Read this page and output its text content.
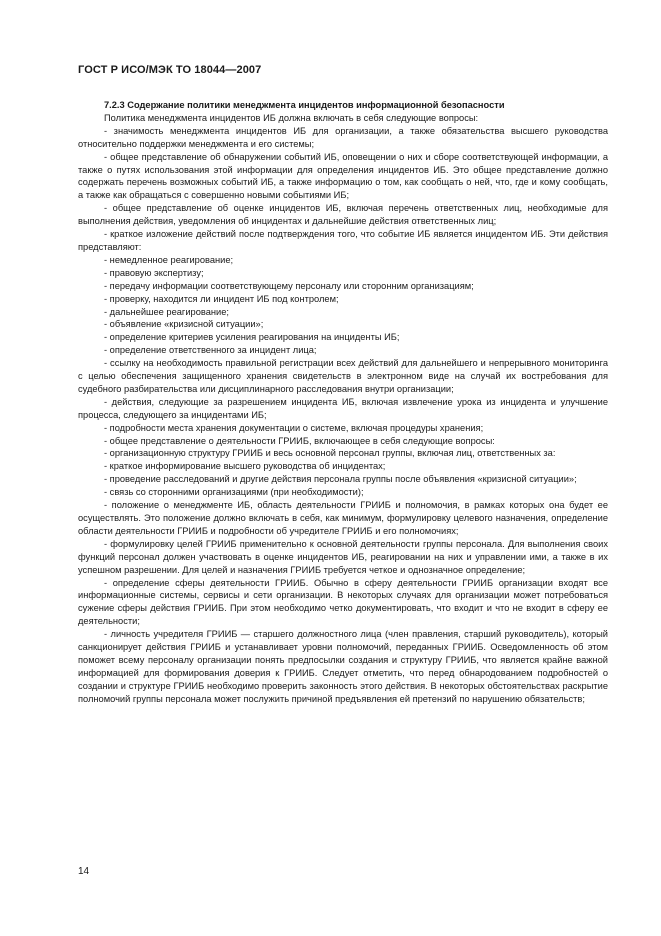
ГОСТ Р ИСО/МЭК ТО 18044—2007
7.2.3 Содержание политики менеджмента инцидентов информационной безопасности

Политика менеджмента инцидентов ИБ должна включать в себя следующие вопросы:

- значимость менеджмента инцидентов ИБ для организации, а также обязательства высшего руководства относительно поддержки менеджмента и его системы;

- общее представление об обнаружении событий ИБ, оповещении о них и сборе соответствующей информации, а также о путях использования этой информации для определения инцидентов ИБ. Это общее представление должно содержать перечень возможных событий ИБ, а также информацию о том, как сообщать о ней, что, где и кому сообщать, а также как обращаться с совершенно новыми событиями ИБ;

- общее представление об оценке инцидентов ИБ, включая перечень ответственных лиц, необходимые для выполнения действия, уведомления об инцидентах и дальнейшие действия ответственных лиц;

- краткое изложение действий после подтверждения того, что событие ИБ является инцидентом ИБ. Эти действия представляют:

- немедленное реагирование;

- правовую экспертизу;

- передачу информации соответствующему персоналу или сторонним организациям;

- проверку, находится ли инцидент ИБ под контролем;

- дальнейшее реагирование;

- объявление «кризисной ситуации»;

- определение критериев усиления реагирования на инциденты ИБ;

- определение ответственного за инцидент лица;

- ссылку на необходимость правильной регистрации всех действий для дальнейшего и непрерывного мониторинга с целью обеспечения защищенного хранения свидетельств в электронном виде на случай их востребования для судебного разбирательства или дисциплинарного расследования внутри организации;

- действия, следующие за разрешением инцидента ИБ, включая извлечение урока из инцидента и улучшение процесса, следующего за инцидентами ИБ;

- подробности места хранения документации о системе, включая процедуры хранения;

- общее представление о деятельности ГРИИБ, включающее в себя следующие вопросы:

- организационную структуру ГРИИБ и весь основной персонал группы, включая лиц, ответственных за:

- краткое информирование высшего руководства об инцидентах;

- проведение расследований и другие действия персонала группы после объявления «кризисной ситуации»;

- связь со сторонними организациями (при необходимости);

- положение о менеджменте ИБ, область деятельности ГРИИБ и полномочия, в рамках которых она будет ее осуществлять. Это положение должно включать в себя, как минимум, формулировку целевого назначения, определение области деятельности ГРИИБ и подробности об учредителе ГРИИБ и его полномочиях;

- формулировку целей ГРИИБ применительно к основной деятельности группы персонала. Для выполнения своих функций персонал должен участвовать в оценке инцидентов ИБ, реагировании на них и управлении ими, а также в их успешном разрешении. Для целей и назначения ГРИИБ требуется четкое и однозначное определение;

- определение сферы деятельности ГРИИБ. Обычно в сферу деятельности ГРИИБ организации входят все информационные системы, сервисы и сети организации. В некоторых случаях для организации может потребоваться сужение сферы действия ГРИИБ. При этом необходимо четко документировать, что входит и что не входит в сферу ее деятельности;

- личность учредителя ГРИИБ — старшего должностного лица (член правления, старший руководитель), который санкционирует действия ГРИИБ и устанавливает уровни полномочий, переданных ГРИИБ. Осведомленность об этом поможет всему персоналу организации понять предпосылки создания и структуру ГРИИБ, что является крайне важной информацией для формирования доверия к ГРИИБ. Следует отметить, что перед обнародованием подробностей о создании и структуре ГРИИБ необходимо проверить законность этого действия. В некоторых обстоятельствах раскрытие полномочий группы персонала может послужить причиной предъявления ей претензий по нарушению обязательств;

14
